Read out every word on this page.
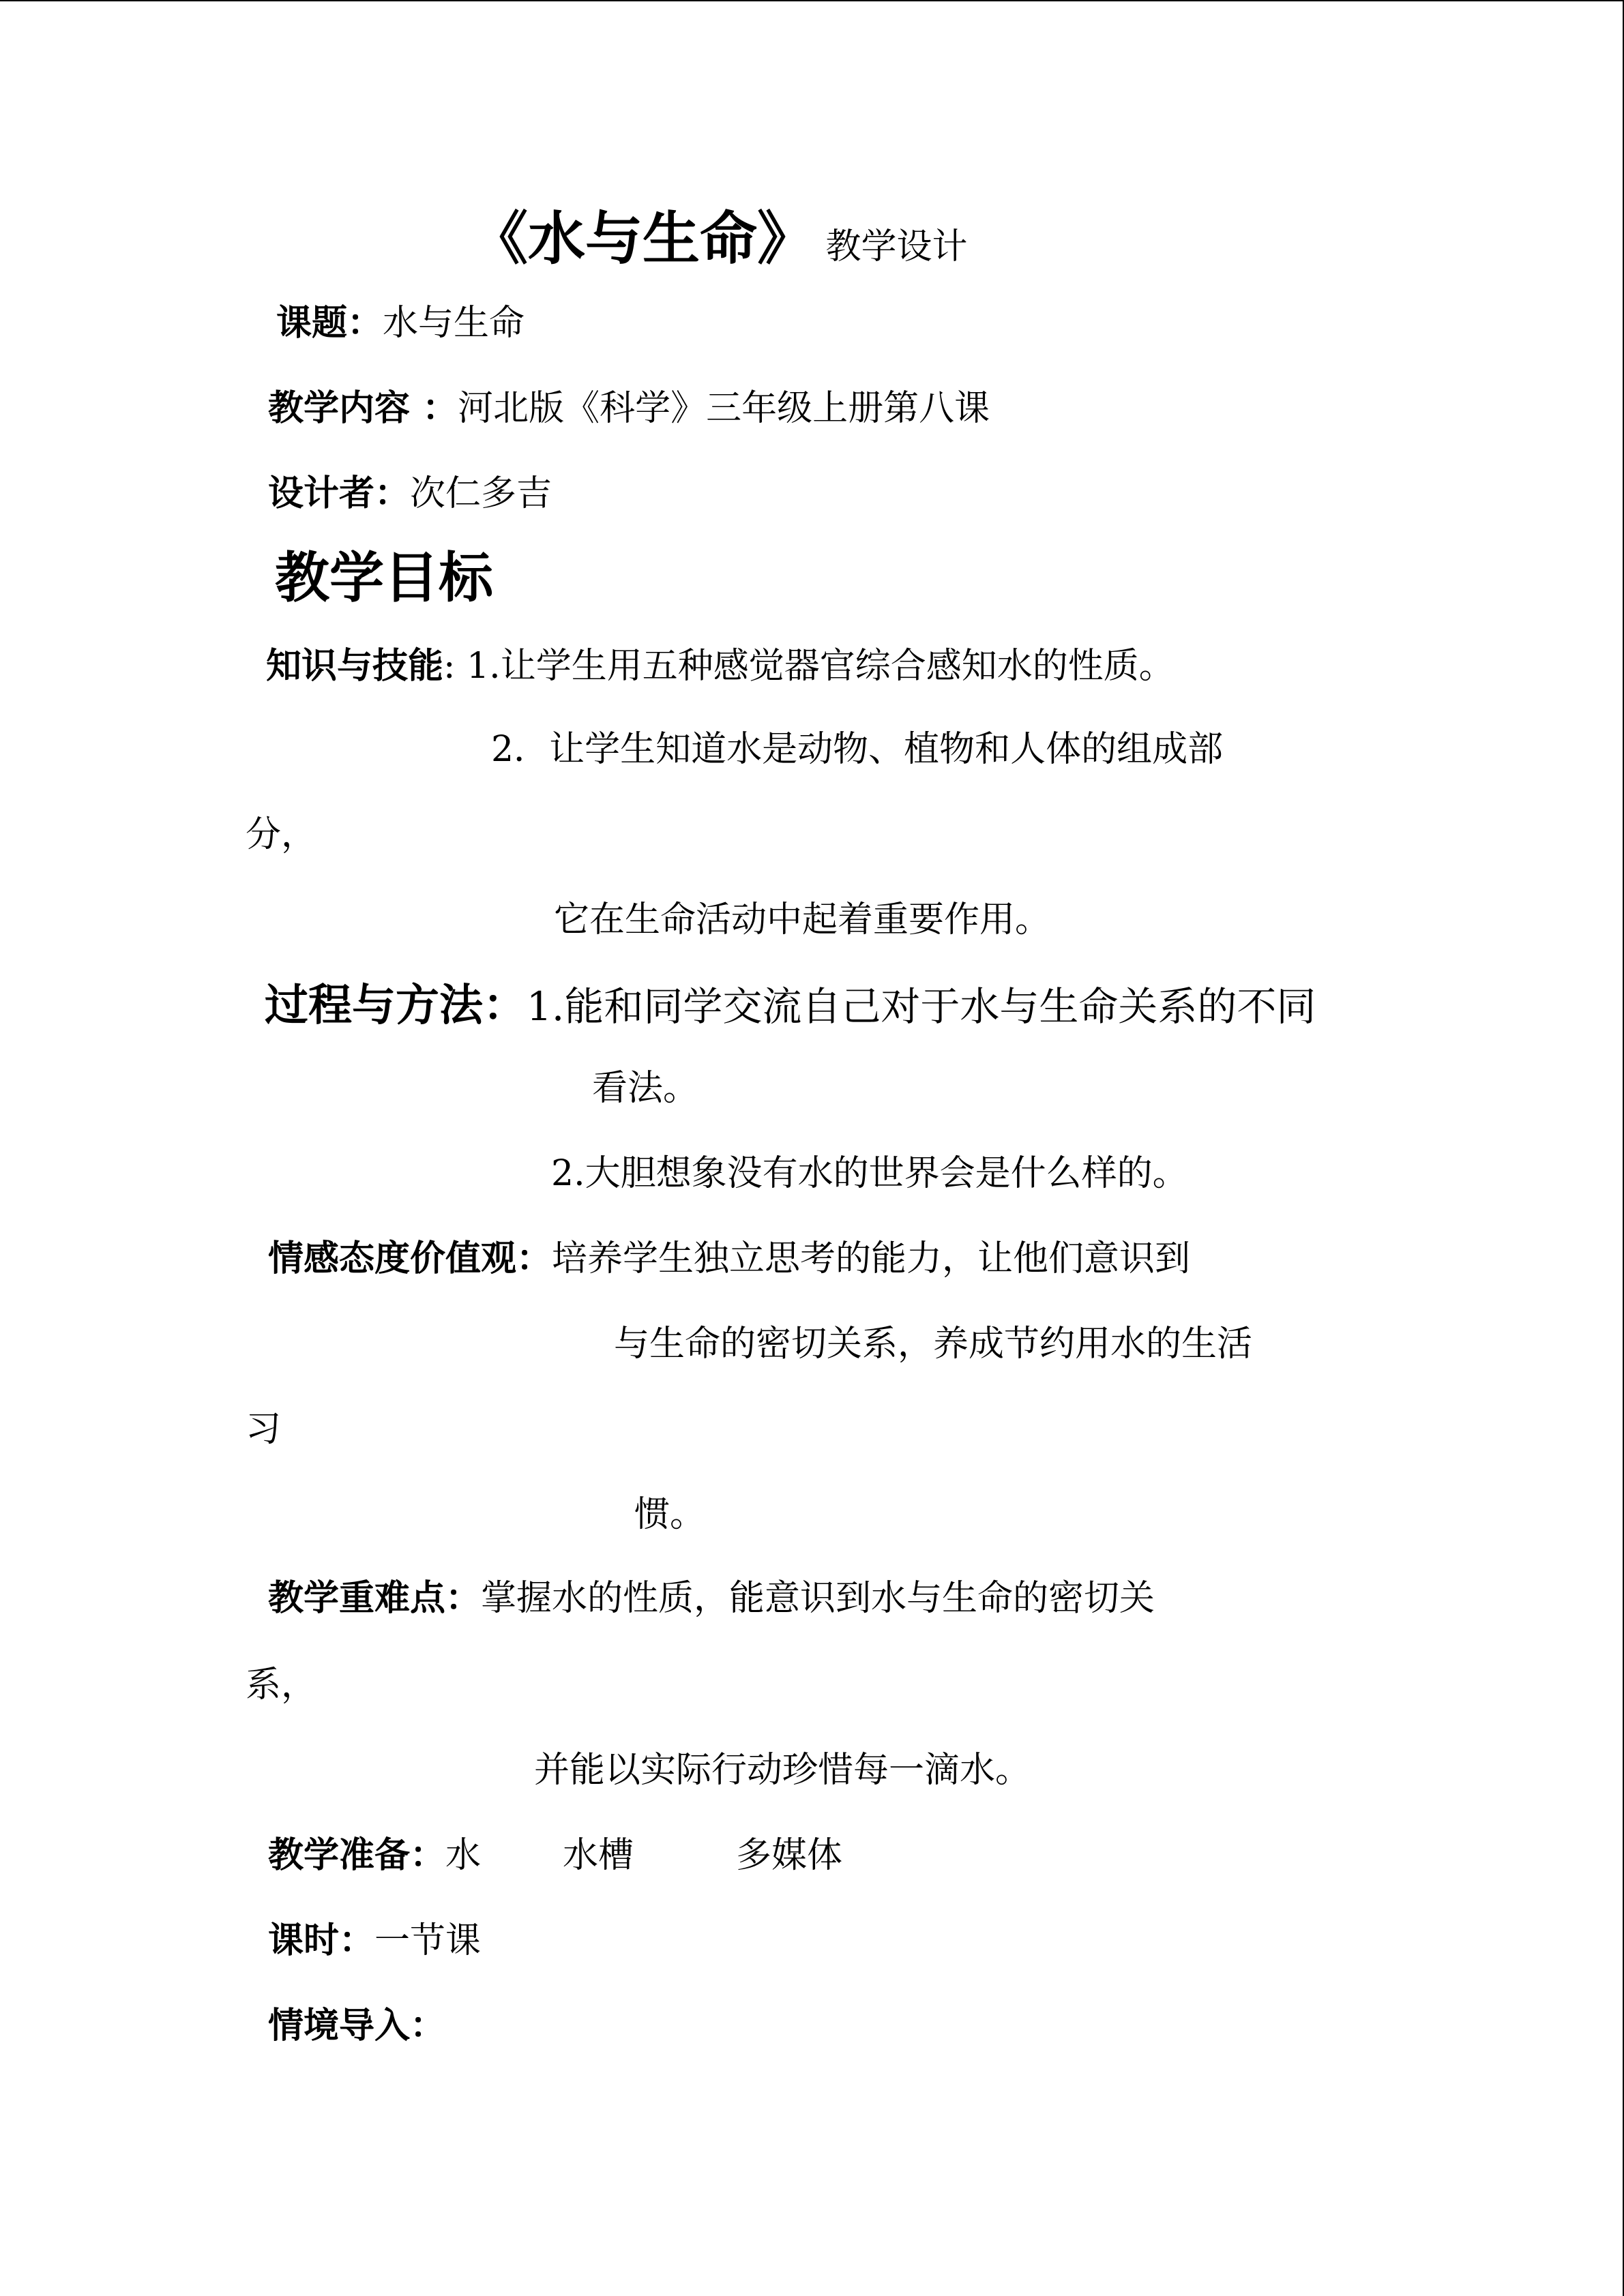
《水与生命》 教学设计
课题：水与生命
教学内容 ：河北版《科学》三年级上册第八课
设计者：次仁多吉
教学目标
知识与技能: 1.让学生用五种感觉器官综合感知水的性质。
2．让学生知道水是动物、植物和人体的组成部
分，
它在生命活动中起着重要作用。
过程与方法：1.能和同学交流自己对于水与生命关系的不同
看法。
2.大胆想象没有水的世界会是什么样的。
情感态度价值观：培养学生独立思考的能力，让他们意识到
与生命的密切关系，养成节约用水的生活
习
惯。
教学重难点：掌握水的性质，能意识到水与生命的密切关
系，
并能以实际行动珍惜每一滴水。
教学准备：水 水槽	多媒体
课时：一节课
情境导入：
